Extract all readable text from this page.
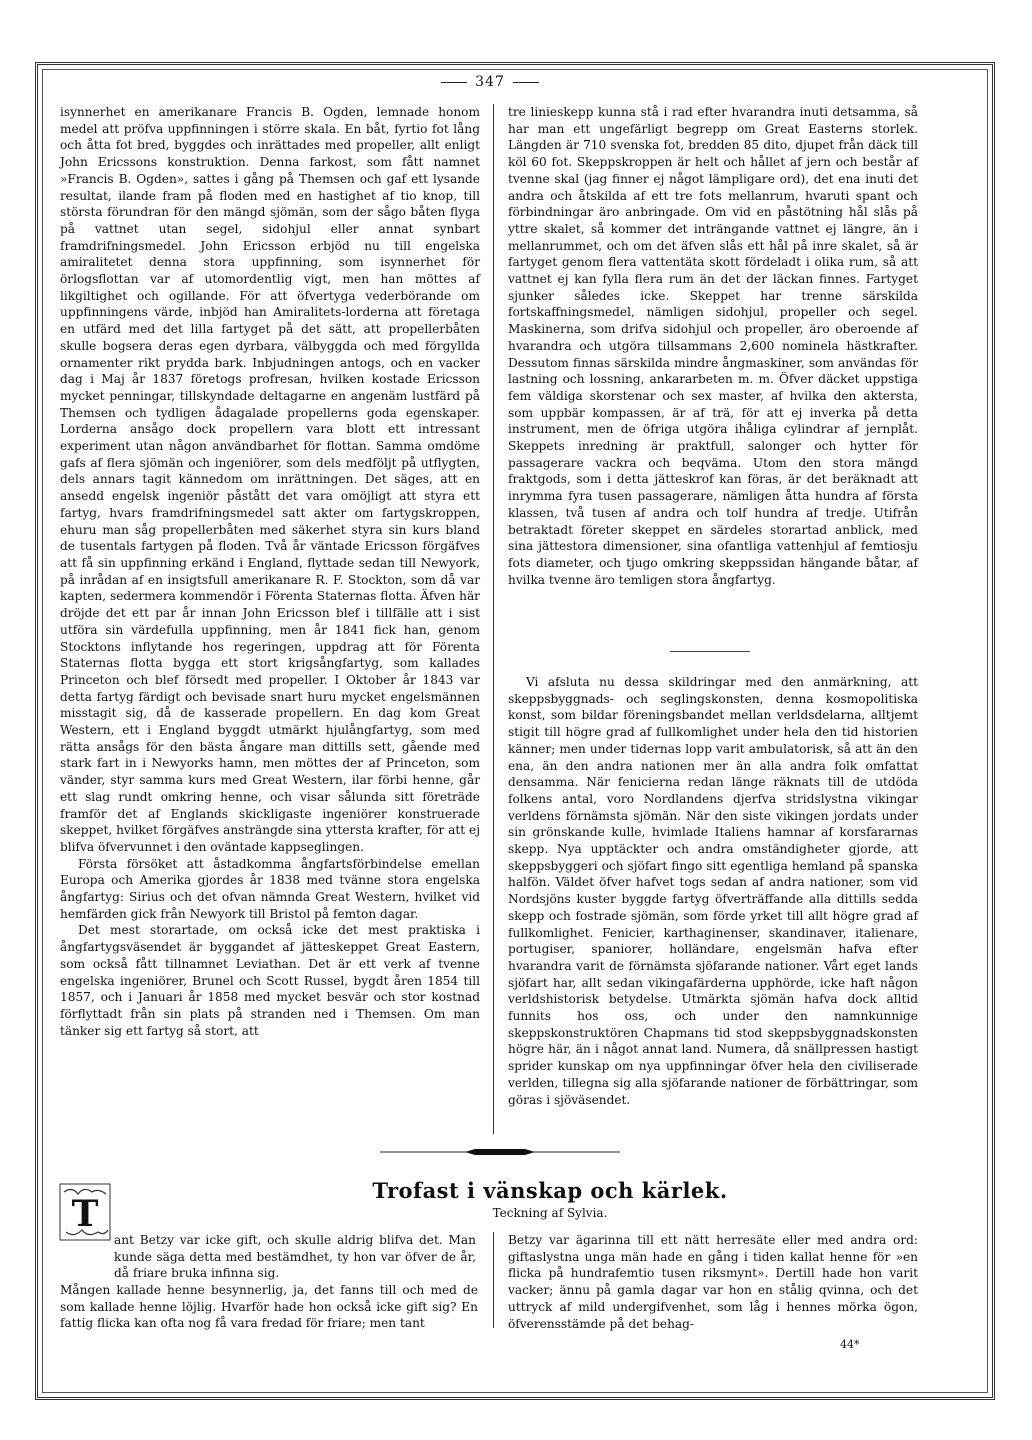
347

isynnerhet en amerikanare Francis B. Ogden, lemnade honom medel att pröfva uppfinningen i större skala. En båt, fyrtio fot lång och åtta fot bred, byggdes och inrättades med propeller, allt enligt John Ericssons konstruktion. Denna farkost, som fått namnet »Francis B. Ogden», sattes i gång på Themsen och gaf ett lysande resultat, ilande fram på floden med en hastighet af tio knop, till största förundran för den mängd sjömän, som der sågo båten flyga på vattnet utan segel, sidohjul eller annat synbart framdrifningsmedel. John Ericsson erbjöd nu till engelska amiralitetet denna stora uppfinning, som isynnerhet för örlogsflottan var af utomordentlig vigt, men han möttes af likgiltighet och ogillande. För att öfvertyga vederbörande om uppfinningens värde, inbjöd han Amiralitets-lorderna att företaga en utfärd med det lilla fartyget på det sätt, att propellerbåten skulle bogsera deras egen dyrbara, välbyggda och med förgyllda ornamenter rikt prydda bark. Inbjudningen antogs, och en vacker dag i Maj år 1837 företogs profresan, hvilken kostade Ericsson mycket penningar, tillskyndade deltagarne en angenäm lustfärd på Themsen och tydligen ådagalade propellerns goda egenskaper. Lorderna ansågo dock propellern vara blott ett intressant experiment utan någon användbarhet för flottan. Samma omdöme gafs af flera sjömän och ingeniörer, som dels medföljt på utflygten, dels annars tagit kännedom om inrättningen. Det säges, att en ansedd engelsk ingeniör påstått det vara omöjligt att styra ett fartyg, hvars framdrifningsmedel satt akter om fartygskroppen, ehuru man såg propellerbåten med säkerhet styra sin kurs bland de tusentals fartygen på floden. Två år väntade Ericsson förgäfves att få sin uppfinning erkänd i England, flyttade sedan till Newyork, på inrådan af en insigtsfull amerikanare R. F. Stockton, som då var kapten, sedermera kommendör i Förenta Staternas flotta. Äfven här dröjde det ett par år innan John Ericsson blef i tillfälle att i sist utföra sin värdefulla uppfinning, men år 1841 fick han, genom Stocktons inflytande hos regeringen, uppdrag att för Förenta Staternas flotta bygga ett stort krigsångfartyg, som kallades Princeton och blef försedt med propeller. I Oktober år 1843 var detta fartyg färdigt och bevisade snart huru mycket engelsmännen misstagit sig, då de kasserade propellern. En dag kom Great Western, ett i England byggdt utmärkt hjulångfartyg, som med rätta ansågs för den bästa ångare man dittills sett, gående med stark fart in i Newyorks hamn, men möttes der af Princeton, som vänder, styr samma kurs med Great Western, ilar förbi henne, går ett slag rundt omkring henne, och visar sålunda sitt företräde framför det af Englands skickligaste ingeniörer konstruerade skeppet, hvilket förgäfves ansträngde sina yttersta krafter, för att ej blifva öfvervunnet i den oväntade kappseglingen.

Första försöket att åstadkomma ångfartsförbindelse emellan Europa och Amerika gjordes år 1838 med tvänne stora engelska ångfartyg: Sirius och det ofvan nämnda Great Western, hvilket vid hemfärden gick från Newyork till Bristol på femton dagar.

Det mest storartade, om också icke det mest praktiska i ångfartygsväsendet är byggandet af jätteskeppet Great Eastern, som också fått tillnamnet Leviathan. Det är ett verk af tvenne engelska ingeniörer, Brunel och Scott Russel, bygdt åren 1854 till 1857, och i Januari år 1858 med mycket besvär och stor kostnad förflyttadt från sin plats på stranden ned i Themsen. Om man tänker sig ett fartyg så stort, att

tre linieskepp kunna stå i rad efter hvarandra inuti detsamma, så har man ett ungefärligt begrepp om Great Easterns storlek. Längden är 710 svenska fot, bredden 85 dito, djupet från däck till köl 60 fot. Skeppskroppen är helt och hållet af jern och består af tvenne skal (jag finner ej något lämpligare ord), det ena inuti det andra och åtskilda af ett tre fots mellanrum, hvaruti spant och förbindningar äro anbringade. Om vid en påstötning hål slås på yttre skalet, så kommer det inträngande vattnet ej längre, än i mellanrummet, och om det äfven slås ett hål på inre skalet, så är fartyget genom flera vattentäta skott fördeladt i olika rum, så att vattnet ej kan fylla flera rum än det der läckan finnes. Fartyget sjunker således icke. Skeppet har trenne särskilda fortskaffningsmedel, nämligen sidohjul, propeller och segel. Maskinerna, som drifva sidohjul och propeller, äro oberoende af hvarandra och utgöra tillsammans 2,600 nominela hästkrafter. Dessutom finnas särskilda mindre ångmaskiner, som användas för lastning och lossning, ankararbeten m. m. Öfver däcket uppstiga fem väldiga skorstenar och sex master, af hvilka den aktersta, som uppbär kompassen, är af trä, för att ej inverka på detta instrument, men de öfriga utgöra ihåliga cylindrar af jernplåt. Skeppets inredning är praktfull, salonger och hytter för passagerare vackra och beqväma. Utom den stora mängd fraktgods, som i detta jätteskrof kan föras, är det beräknadt att inrymma fyra tusen passagerare, nämligen åtta hundra af första klassen, två tusen af andra och tolf hundra af tredje. Utifrån betraktadt företer skeppet en särdeles storartad anblick, med sina jättestora dimensioner, sina ofantliga vattenhjul af femtiosju fots diameter, och tjugo omkring skeppssidan hängande båtar, af hvilka tvenne äro temligen stora ångfartyg.

Vi afsluta nu dessa skildringar med den anmärkning, att skeppsbyggnads- och seglingskonsten, denna kosmopolitiska konst, som bildar föreningsbandet mellan verldsdelarna, alltjemt stigit till högre grad af fullkomlighet under hela den tid historien känner; men under tidernas lopp varit ambulatorisk, så att än den ena, än den andra nationen mer än alla andra folk omfattat densamma. När fenicierna redan länge räknats till de utdöda folkens antal, voro Nordlandens djerfva stridslystna vikingar verldens förnämsta sjömän. När den siste vikingen jordats under sin grönskande kulle, hvimlade Italiens hamnar af korsfararnas skepp. Nya upptäckter och andra omständigheter gjorde, att skeppsbyggeri och sjöfart fingo sitt egentliga hemland på spanska halfön. Väldet öfver hafvet togs sedan af andra nationer, som vid Nordsjöns kuster byggde fartyg öfverträffande alla dittills sedda skepp och fostrade sjömän, som förde yrket till allt högre grad af fullkomlighet. Fenicier, karthaginenser, skandinaver, italienare, portugiser, spaniorer, holländare, engelsmän hafva efter hvarandra varit de förnämsta sjöfarande nationer. Vårt eget lands sjöfart har, allt sedan vikingafärderna upphörde, icke haft någon verldshistorisk betydelse. Utmärkta sjömän hafva dock alltid funnits hos oss, och under den namnkunnige skeppskonstruktören Chapmans tid stod skeppsbyggnadskonsten högre här, än i något annat land. Numera, då snällpressen hastigt sprider kunskap om nya uppfinningar öfver hela den civiliserade verlden, tillegna sig alla sjöfarande nationer de förbättringar, som göras i sjöväsendet.

Trofast i vänskap och kärlek.
Teckning af Sylvia.
T
ant Betzy var icke gift, och skulle aldrig blifva det. Man kunde säga detta med bestämdhet, ty hon var öfver de år, då friare bruka infinna sig.
Mången kallade henne besynnerlig, ja, det fanns till och med de som kallade henne löjlig. Hvarför hade hon också icke gift sig? En fattig flicka kan ofta nog få vara fredad för friare; men tant
Betzy var ägarinna till ett nätt herresäte eller med andra ord: giftaslystna unga män hade en gång i tiden kallat henne för »en flicka på hundrafemtio tusen riksmynt». Dertill hade hon varit vacker; ännu på gamla dagar var hon en stålig qvinna, och det uttryck af mild undergifvenhet, som låg i hennes mörka ögon, öfverensstämde på det behag-
44*
